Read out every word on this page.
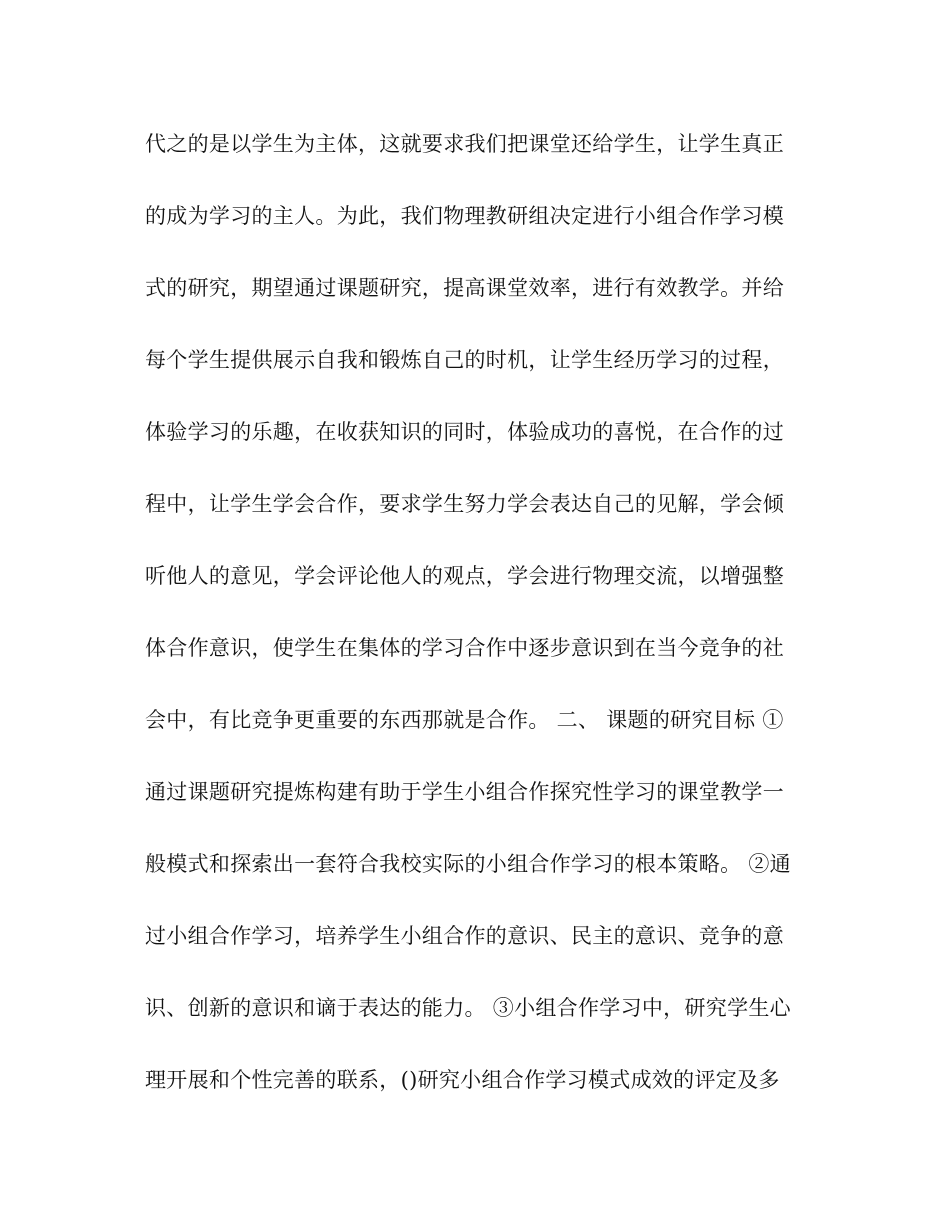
代之的是以学生为主体，这就要求我们把课堂还给学生，让学生真正

的成为学习的主人。为此，我们物理教研组决定进行小组合作学习模

式的研究，期望通过课题研究，提高课堂效率，进行有效教学。并给

每个学生提供展示自我和锻炼自己的时机，让学生经历学习的过程，

体验学习的乐趣，在收获知识的同时，体验成功的喜悦，在合作的过

程中，让学生学会合作，要求学生努力学会表达自己的见解，学会倾

听他人的意见，学会评论他人的观点，学会进行物理交流，以增强整

体合作意识，使学生在集体的学习合作中逐步意识到在当今竞争的社

会中，有比竞争更重要的东西那就是合作。 二、 课题的研究目标 ①

通过课题研究提炼构建有助于学生小组合作探究性学习的课堂教学一

般模式和探索出一套符合我校实际的小组合作学习的根本策略。 ②通

过小组合作学习，培养学生小组合作的意识、民主的意识、竞争的意

识、创新的意识和谪于表达的能力。 ③小组合作学习中，研究学生心

理开展和个性完善的联系，()研究小组合作学习模式成效的评定及多
